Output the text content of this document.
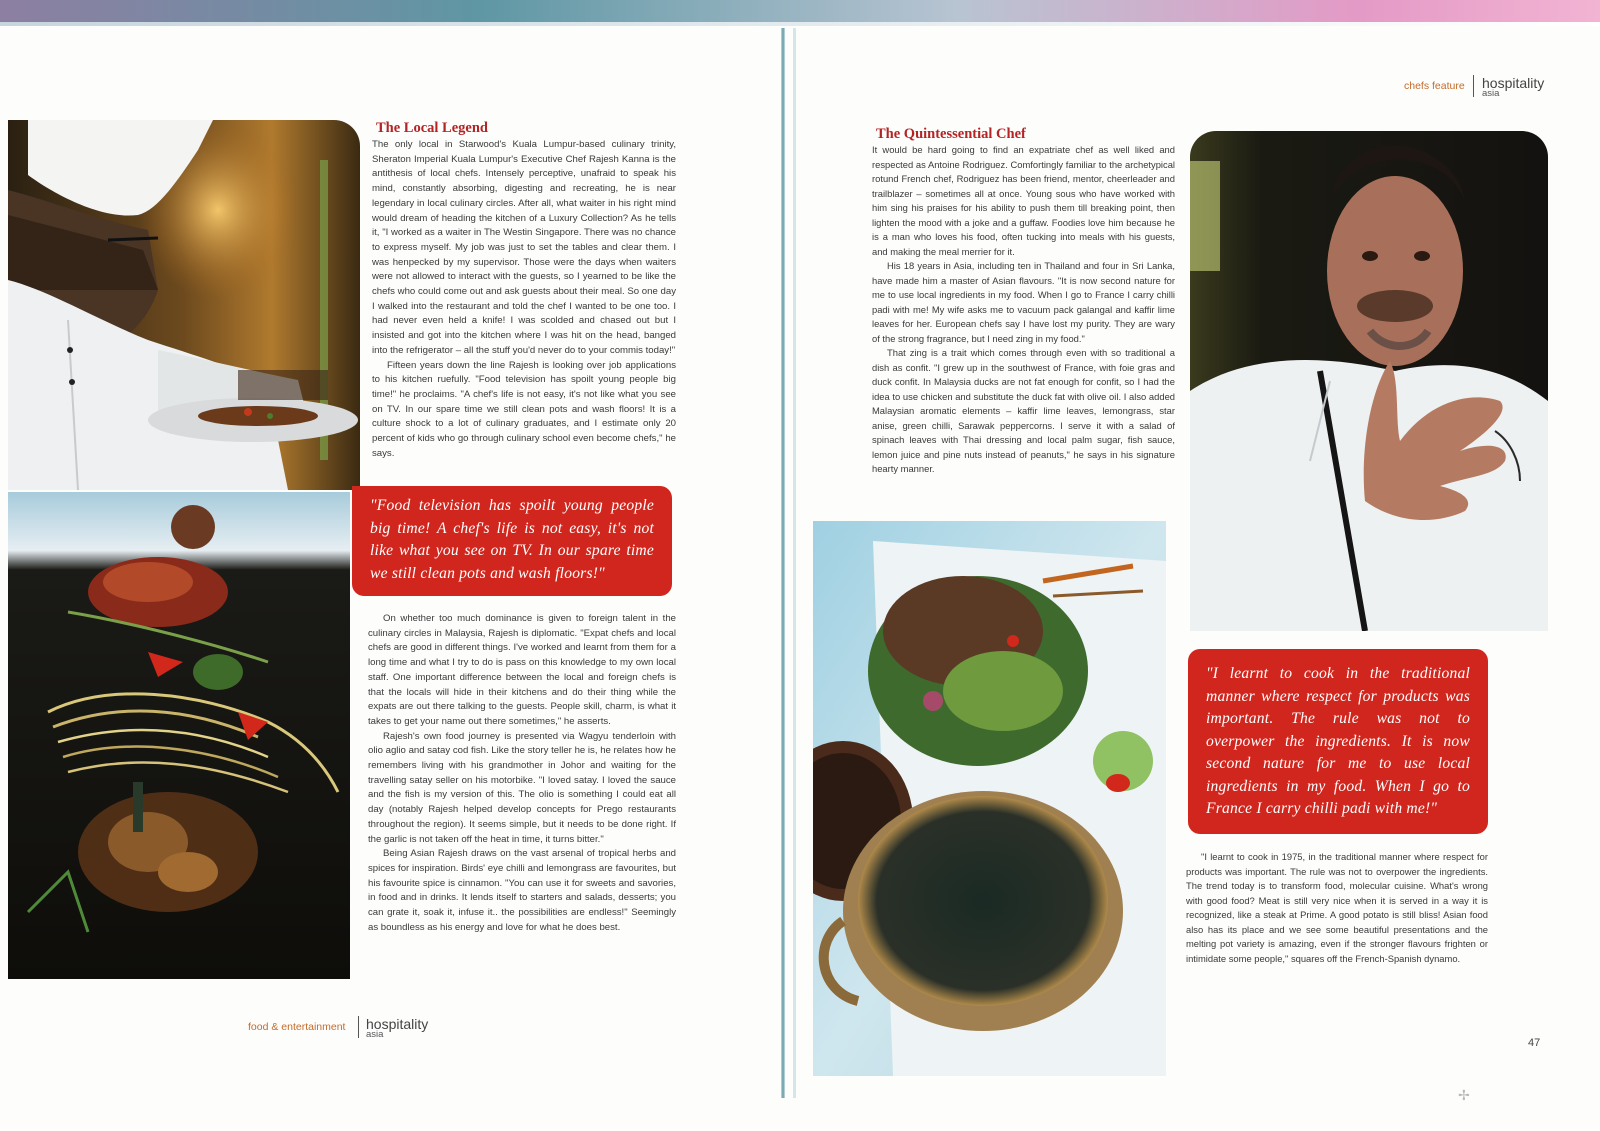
The Local Legend

The only local in Starwood's Kuala Lumpur-based culinary trinity, Sheraton Imperial Kuala Lumpur's Executive Chef Rajesh Kanna is the antithesis of local chefs. Intensely perceptive, unafraid to speak his mind, constantly absorbing, digesting and recreating, he is near legendary in local culinary circles. After all, what waiter in his right mind would dream of heading the kitchen of a Luxury Collection? As he tells it, "I worked as a waiter in The Westin Singapore. There was no chance to express myself. My job was just to set the tables and clear them. I was henpecked by my supervisor. Those were the days when waiters were not allowed to interact with the guests, so I yearned to be like the chefs who could come out and ask guests about their meal. So one day I walked into the restaurant and told the chef I wanted to be one too. I had never even held a knife! I was scolded and chased out but I insisted and got into the kitchen where I was hit on the head, banged into the refrigerator – all the stuff you'd never do to your commis today!"

Fifteen years down the line Rajesh is looking over job applications to his kitchen ruefully. "Food television has spoilt young people big time!" he proclaims. "A chef's life is not easy, it's not like what you see on TV. In our spare time we still clean pots and wash floors! It is a culture shock to a lot of culinary graduates, and I estimate only 20 percent of kids who go through culinary school even become chefs," he says.

"Food television has spoilt young people big time! A chef's life is not easy, it's not like what you see on TV. In our spare time we still clean pots and wash floors!"

On whether too much dominance is given to foreign talent in the culinary circles in Malaysia, Rajesh is diplomatic. "Expat chefs and local chefs are good in different things. I've worked and learnt from them for a long time and what I try to do is pass on this knowledge to my own local staff. One important difference between the local and foreign chefs is that the locals will hide in their kitchens and do their thing while the expats are out there talking to the guests. People skill, charm, is what it takes to get your name out there sometimes," he asserts.

Rajesh's own food journey is presented via Wagyu tenderloin with olio aglio and satay cod fish. Like the story teller he is, he relates how he remembers living with his grandmother in Johor and waiting for the travelling satay seller on his motorbike. "I loved satay. I loved the sauce and the fish is my version of this. The olio is something I could eat all day (notably Rajesh helped develop concepts for Prego restaurants throughout the region). It seems simple, but it needs to be done right. If the garlic is not taken off the heat in time, it turns bitter."

Being Asian Rajesh draws on the vast arsenal of tropical herbs and spices for inspiration. Birds' eye chilli and lemongrass are favourites, but his favourite spice is cinnamon. "You can use it for sweets and savories, in food and in drinks. It lends itself to starters and salads, desserts; you can grate it, soak it, infuse it.. the possibilities are endless!" Seemingly as boundless as his energy and love for what he does best.

food & entertainment hospitality
asia
chefs feature hospitality
asia
The Quintessential Chef

It would be hard going to find an expatriate chef as well liked and respected as Antoine Rodriguez. Comfortingly familiar to the archetypical rotund French chef, Rodriguez has been friend, mentor, cheerleader and trailblazer – sometimes all at once. Young sous who have worked with him sing his praises for his ability to push them till breaking point, then lighten the mood with a joke and a guffaw. Foodies love him because he is a man who loves his food, often tucking into meals with his guests, and making the meal merrier for it.

His 18 years in Asia, including ten in Thailand and four in Sri Lanka, have made him a master of Asian flavours. "It is now second nature for me to use local ingredients in my food. When I go to France I carry chilli padi with me! My wife asks me to vacuum pack galangal and kaffir lime leaves for her. European chefs say I have lost my purity. They are wary of the strong fragrance, but I need zing in my food."

That zing is a trait which comes through even with so traditional a dish as confit. "I grew up in the southwest of France, with foie gras and duck confit. In Malaysia ducks are not fat enough for confit, so I had the idea to use chicken and substitute the duck fat with olive oil. I also added Malaysian aromatic elements – kaffir lime leaves, lemongrass, star anise, green chilli, Sarawak peppercorns. I serve it with a salad of spinach leaves with Thai dressing and local palm sugar, fish sauce, lemon juice and pine nuts instead of peanuts," he says in his signature hearty manner.

"I learnt to cook in the traditional manner where respect for products was important. The rule was not to overpower the ingredients. It is now second nature for me to use local ingredients in my food. When I go to France I carry chilli padi with me!"

"I learnt to cook in 1975, in the traditional manner where respect for products was important. The rule was not to overpower the ingredients. The trend today is to transform food, molecular cuisine. What's wrong with good food? Meat is still very nice when it is served in a way it is recognized, like a steak at Prime. A good potato is still bliss! Asian food also has its place and we see some beautiful presentations and the melting pot variety is amazing, even if the stronger flavours frighten or intimidate some people," squares off the French-Spanish dynamo.

47
✢
